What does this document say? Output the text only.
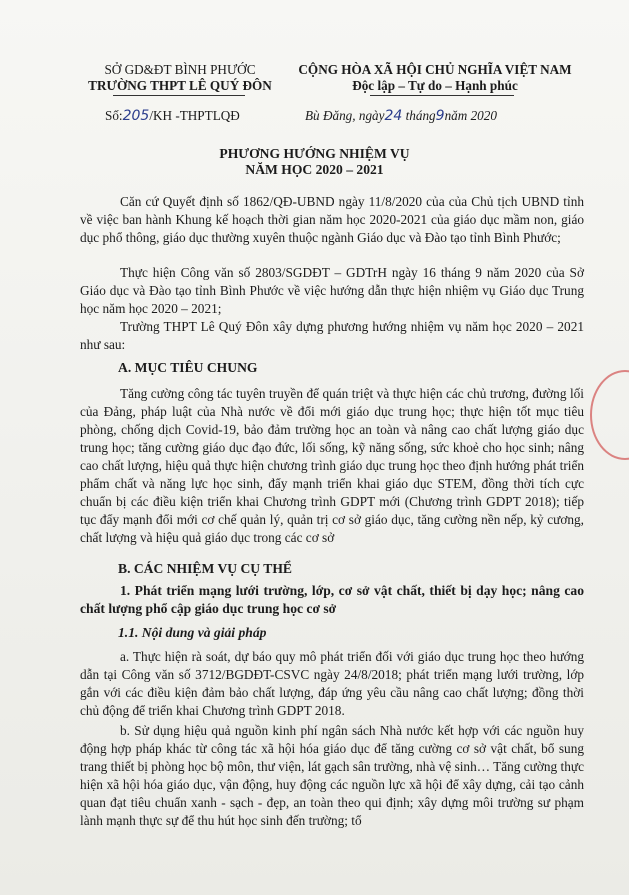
SỞ GD&ĐT BÌNH PHƯỚC
TRƯỜNG THPT LÊ QUÝ ĐÔN
CỘNG HÒA XÃ HỘI CHỦ NGHĨA VIỆT NAM
Độc lập – Tự do – Hạnh phúc
Số:205/KH -THPTLQĐ	Bù Đăng, ngày24 tháng9năm 2020
PHƯƠNG HƯỚNG NHIỆM VỤ
NĂM HỌC 2020 – 2021
Căn cứ Quyết định số 1862/QĐ-UBND ngày 11/8/2020 của của Chủ tịch UBND tỉnh về việc ban hành Khung kế hoạch thời gian năm học 2020-2021 của giáo dục mầm non, giáo dục phổ thông, giáo dục thường xuyên thuộc ngành Giáo dục và Đào tạo tỉnh Bình Phước;
Thực hiện Công văn số 2803/SGDĐT – GDTrH ngày 16 tháng 9 năm 2020 của Sở Giáo dục và Đào tạo tỉnh Bình Phước về việc hướng dẫn thực hiện nhiệm vụ Giáo dục Trung học năm học 2020 – 2021;
Trường THPT Lê Quý Đôn xây dựng phương hướng nhiệm vụ năm học 2020 – 2021 như sau:
A. MỤC TIÊU CHUNG
Tăng cường công tác tuyên truyền để quán triệt và thực hiện các chủ trương, đường lối của Đảng, pháp luật của Nhà nước về đổi mới giáo dục trung học; thực hiện tốt mục tiêu phòng, chống dịch Covid-19, bảo đảm trường học an toàn và nâng cao chất lượng giáo dục trung học; tăng cường giáo dục đạo đức, lối sống, kỹ năng sống, sức khoẻ cho học sinh; nâng cao chất lượng, hiệu quả thực hiện chương trình giáo dục trung học theo định hướng phát triển phẩm chất và năng lực học sinh, đẩy mạnh triển khai giáo dục STEM, đồng thời tích cực chuẩn bị các điều kiện triển khai Chương trình GDPT mới (Chương trình GDPT 2018); tiếp tục đẩy mạnh đổi mới cơ chế quản lý, quản trị cơ sở giáo dục, tăng cường nền nếp, kỷ cương, chất lượng và hiệu quả giáo dục trong các cơ sở
B. CÁC NHIỆM VỤ CỤ THỂ
1. Phát triển mạng lưới trường, lớp, cơ sở vật chất, thiết bị dạy học; nâng cao chất lượng phổ cập giáo dục trung học cơ sở
1.1. Nội dung và giải pháp
a. Thực hiện rà soát, dự báo quy mô phát triển đối với giáo dục trung học theo hướng dẫn tại Công văn số 3712/BGDĐT-CSVC ngày 24/8/2018; phát triển mạng lưới trường, lớp gắn với các điều kiện đảm bảo chất lượng, đáp ứng yêu cầu nâng cao chất lượng; đồng thời chủ động để triển khai Chương trình GDPT 2018.
b. Sử dụng hiệu quả nguồn kinh phí ngân sách Nhà nước kết hợp với các nguồn huy động hợp pháp khác từ công tác xã hội hóa giáo dục để tăng cường cơ sở vật chất, bổ sung trang thiết bị phòng học bộ môn, thư viện, lát gạch sân trường, nhà vệ sinh… Tăng cường thực hiện xã hội hóa giáo dục, vận động, huy động các nguồn lực xã hội để xây dựng, cải tạo cảnh quan đạt tiêu chuẩn xanh - sạch - đẹp, an toàn theo qui định; xây dựng môi trường sư phạm lành mạnh thực sự để thu hút học sinh đến trường; tổ
